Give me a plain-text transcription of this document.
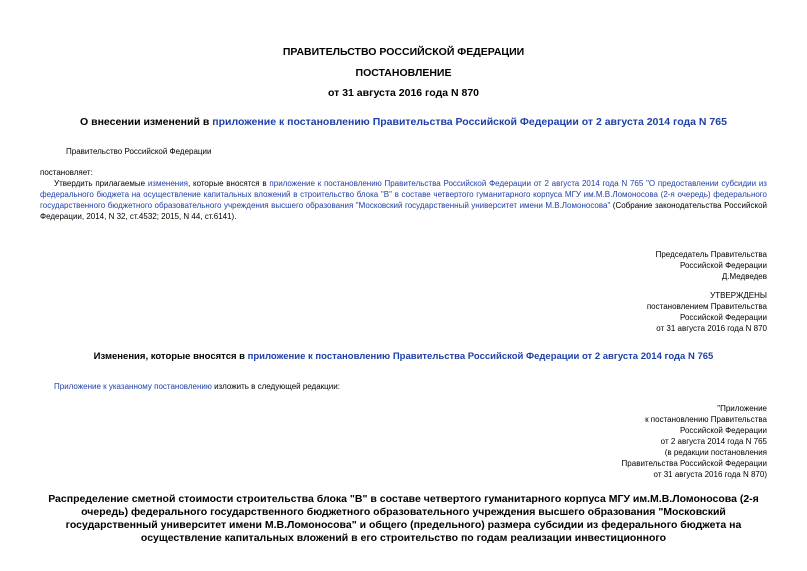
ПРАВИТЕЛЬСТВО РОССИЙСКОЙ ФЕДЕРАЦИИ
ПОСТАНОВЛЕНИЕ
от 31 августа 2016 года N 870
О внесении изменений в приложение к постановлению Правительства Российской Федерации от 2 августа 2014 года N 765
Правительство Российской Федерации
постановляет:
Утвердить прилагаемые изменения, которые вносятся в приложение к постановлению Правительства Российской Федерации от 2 августа 2014 года N 765 "О предоставлении субсидии из федерального бюджета на осуществление капитальных вложений в строительство блока "В" в составе четвертого гуманитарного корпуса МГУ им.М.В.Ломоносова (2-я очередь) федерального государственного бюджетного образовательного учреждения высшего образования "Московский государственный университет имени М.В.Ломоносова" (Собрание законодательства Российской Федерации, 2014, N 32, ст.4532; 2015, N 44, ст.6141).
Председатель Правительства
Российской Федерации
Д.Медведев
УТВЕРЖДЕНЫ
постановлением Правительства
Российской Федерации
от 31 августа 2016 года N 870
Изменения, которые вносятся в приложение к постановлению Правительства Российской Федерации от 2 августа 2014 года N 765
Приложение к указанному постановлению изложить в следующей редакции:
"Приложение
к постановлению Правительства
Российской Федерации
от 2 августа 2014 года N 765
(в редакции постановления
Правительства Российской Федерации
от 31 августа 2016 года N 870)
Распределение сметной стоимости строительства блока "В" в составе четвертого гуманитарного корпуса МГУ им.М.В.Ломоносова (2-я очередь) федерального государственного бюджетного образовательного учреждения высшего образования "Московский государственный университет имени М.В.Ломоносова" и общего (предельного) размера субсидии из федерального бюджета на осуществление капитальных вложений в его строительство по годам реализации инвестиционного
